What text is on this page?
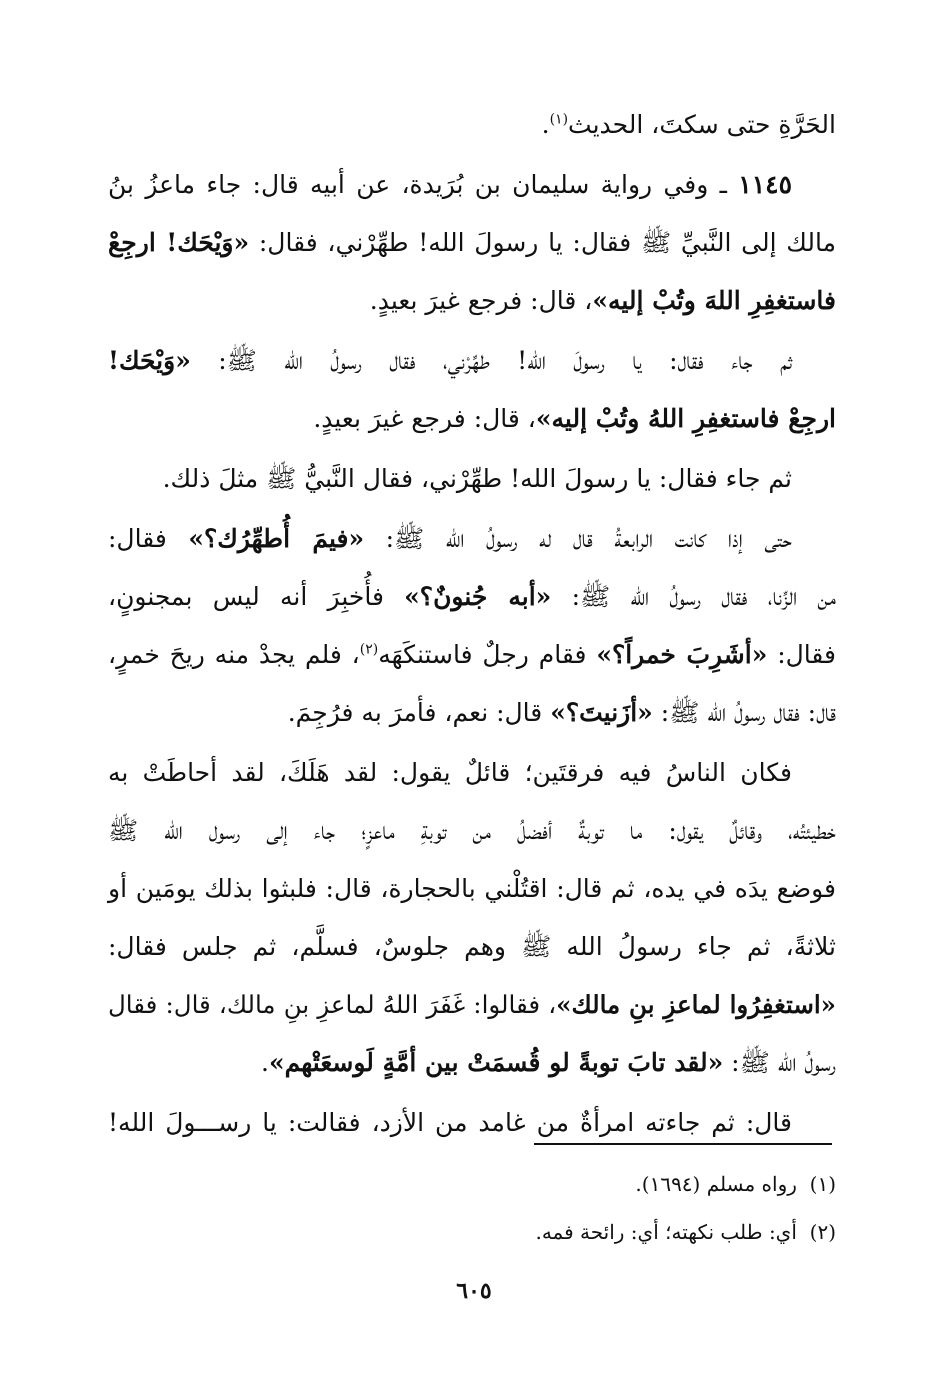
الحَرَّةِ حتى سكتَ، الحديث$^{(١)}$.
١١٤٥ ـ وفي رواية سليمان بن بُرَيدة، عن أبيه قال: جاء ماعزُ بنُ
مالك إلى النَّبيِّ ﷺ فقال: يا رسولَ الله! طهِّرْني، فقال: «وَيْحَك! ارجِعْ
فاستغفِرِ اللهَ وتُبْ إليه»، قال: فرجع غيرَ بعيدٍ.
ثم جاء فقال: يا رسولَ الله! طهِّرْني، فقال رسولُ الله ﷺ: «وَيْحَك!
ارجِعْ فاستغفِرِ اللهُ وتُبْ إليه»، قال: فرجع غيرَ بعيدٍ.
ثم جاء فقال: يا رسولَ الله! طهِّرْني، فقال النَّبيُّ ﷺ مثلَ ذلك.
حتى إذا كانت الرابعةُ قال له رسولُ الله ﷺ: «فيمَ أُطهِّرُك؟» فقال:
من الزِّنا، فقال رسولُ الله ﷺ: «أبه جُنونٌ؟» فأُخبِرَ أنه ليس بمجنونٍ،
فقال: «أشَرِبَ خمراً؟» فقام رجلٌ فاستنكَهَه$^{(٢)}$، فلم يجدْ منه ريحَ خمرٍ،
قال: فقال رسولُ الله ﷺ: «أزَنيتَ؟» قال: نعم، فأمرَ به فرُجِمَ.
فكان الناسُ فيه فرقتَين؛ قائلٌ يقول: لقد هَلَكَ، لقد أحاطَتْ به
خطيئتُه، وقائلٌ يقول: ما توبةٌ أفضلُ من توبةِ ماعزٍ؛ جاء إلى رسول الله ﷺ
فوضع يدَه في يده، ثم قال: اقتُلْني بالحجارة، قال: فلبثوا بذلك يومَين أو
ثلاثةً، ثم جاء رسولُ الله ﷺ وهم جلوسٌ، فسلَّم، ثم جلس فقال:
«استغفِرُوا لماعزِ بنِ مالك»، فقالوا: غَفَرَ اللهُ لماعزِ بنِ مالك، قال: فقال
رسولُ الله ﷺ: «لقد تابَ توبةً لو قُسمَتْ بين أمَّةٍ لَوسعَتْهم».
قال: ثم جاءته امرأةٌ من غامد من الأزد، فقالت: يا رســـولَ الله!
(١)  رواه مسلم (١٦٩٤).
(٢)  أي: طلب نكهته؛ أي: رائحة فمه.
٦٠٥
